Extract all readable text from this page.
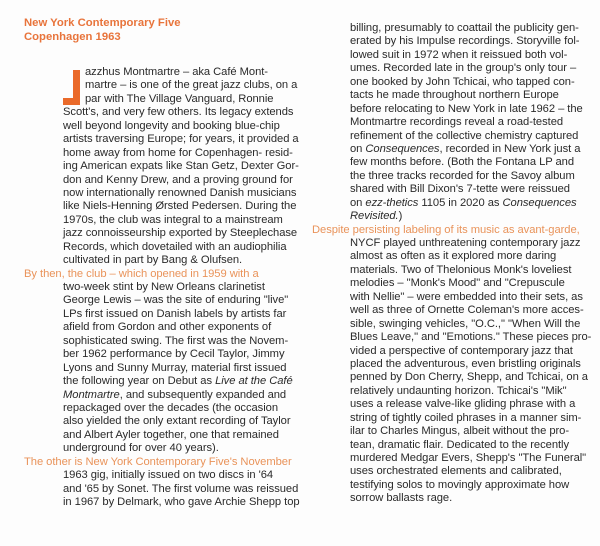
New York Contemporary Five
Copenhagen 1963
azzhus Montmartre – aka Café Mont-
martre – is one of the great jazz clubs, on a
par with The Village Vanguard, Ronnie
Scott's, and very few others. Its legacy extends
well beyond longevity and booking blue-chip
artists traversing Europe; for years, it provided a
home away from home for Copenhagen- resid-
ing American expats like Stan Getz, Dexter Gor-
don and Kenny Drew, and a proving ground for
now internationally renowned Danish musicians
like Niels-Henning Ørsted Pedersen. During the
1970s, the club was integral to a mainstream
jazz connoisseurship exported by Steeplechase
Records, which dovetailed with an audiophilia
cultivated in part by Bang & Olufsen.
By then, the club – which opened in 1959 with a
two-week stint by New Orleans clarinetist
George Lewis – was the site of enduring "live"
LPs first issued on Danish labels by artists far
afield from Gordon and other exponents of
sophisticated swing. The first was the Novem-
ber 1962 performance by Cecil Taylor, Jimmy
Lyons and Sunny Murray, material first issued
the following year on Debut as Live at the Café
Montmartre, and subsequently expanded and
repackaged over the decades (the occasion
also yielded the only extant recording of Taylor
and Albert Ayler together, one that remained
underground for over 40 years).
The other is New York Contemporary Five's November
1963 gig, initially issued on two discs in '64
and '65 by Sonet. The first volume was reissued
in 1967 by Delmark, who gave Archie Shepp top
billing, presumably to coattail the publicity gen-
erated by his Impulse recordings. Storyville fol-
lowed suit in 1972 when it reissued both vol-
umes. Recorded late in the group's only tour –
one booked by John Tchicai, who tapped con-
tacts he made throughout northern Europe
before relocating to New York in late 1962 – the
Montmartre recordings reveal a road-tested
refinement of the collective chemistry captured
on Consequences, recorded in New York just a
few months before. (Both the Fontana LP and
the three tracks recorded for the Savoy album
shared with Bill Dixon's 7-tette were reissued
on ezz-thetics 1105 in 2020 as Consequences
Revisited.)
Despite persisting labeling of its music as avant-garde,
NYCF played unthreatening contemporary jazz
almost as often as it explored more daring
materials. Two of Thelonious Monk's loveliest
melodies – "Monk's Mood" and "Crepuscule
with Nellie" – were embedded into their sets, as
well as three of Ornette Coleman's more acces-
sible, swinging vehicles, "O.C.," "When Will the
Blues Leave," and "Emotions." These pieces pro-
vided a perspective of contemporary jazz that
placed the adventurous, even bristling originals
penned by Don Cherry, Shepp, and Tchicai, on a
relatively undaunting horizon. Tchicai's "Mik"
uses a release valve-like gliding phrase with a
string of tightly coiled phrases in a manner sim-
ilar to Charles Mingus, albeit without the pro-
tean, dramatic flair. Dedicated to the recently
murdered Medgar Evers, Shepp's "The Funeral"
uses orchestrated elements and calibrated,
testifying solos to movingly approximate how
sorrow ballasts rage.
